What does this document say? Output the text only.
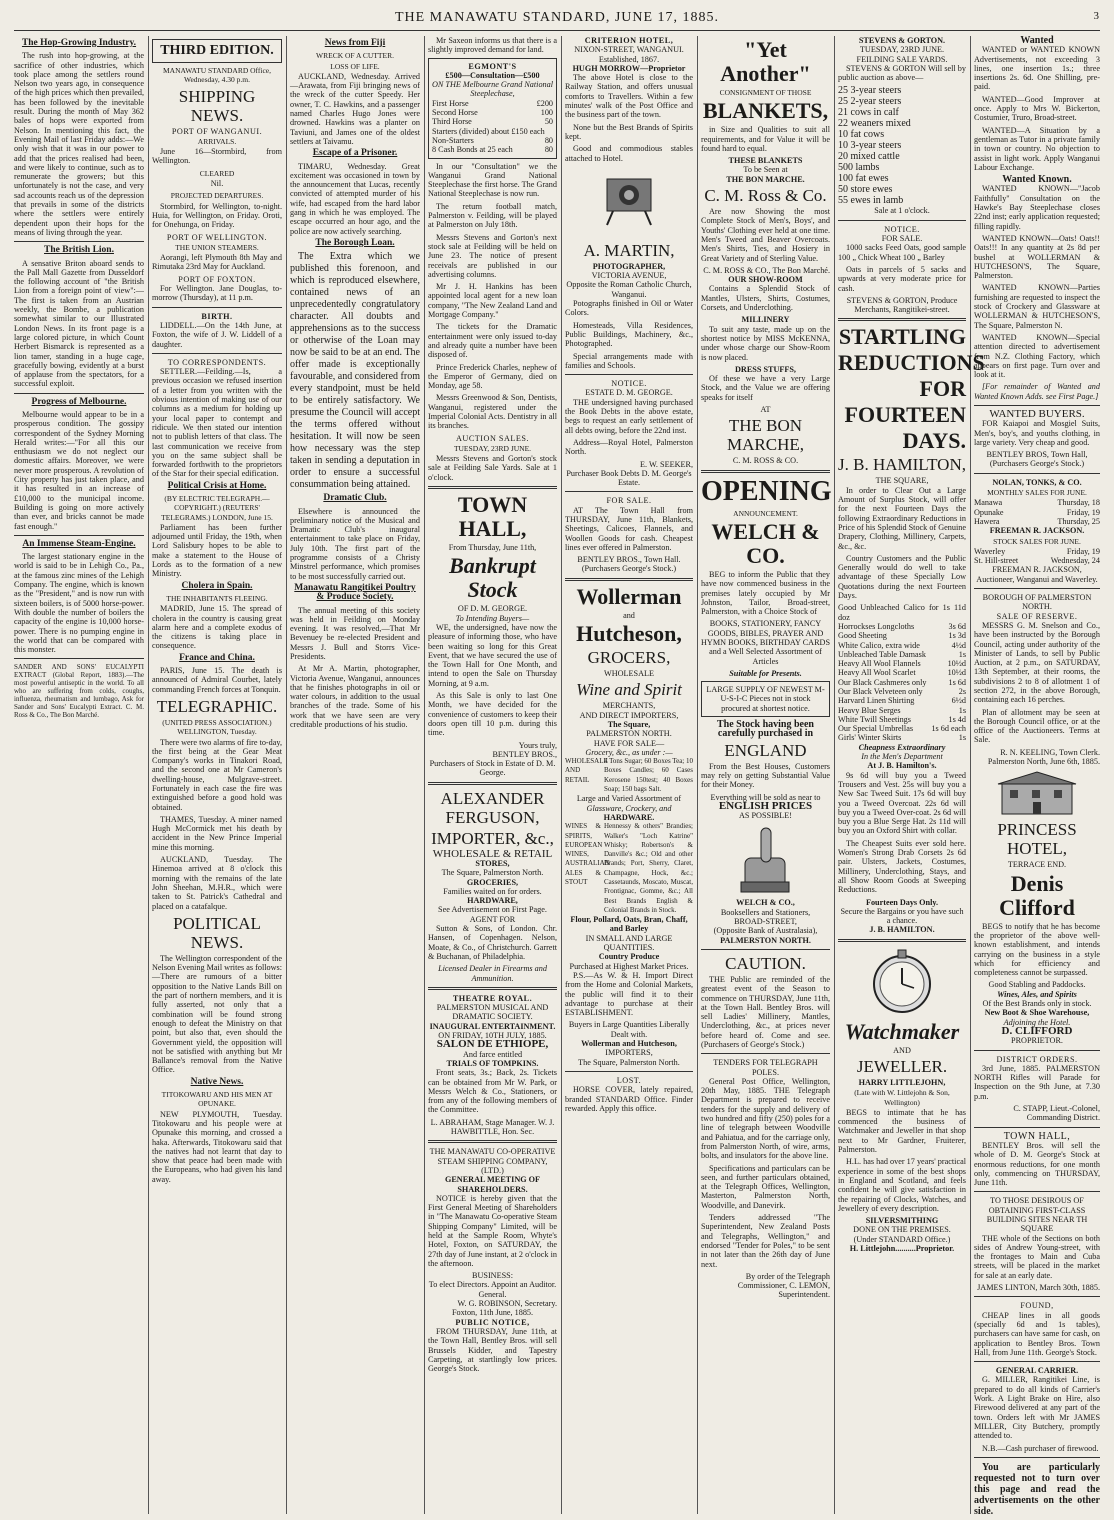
THE MANAWATU STANDARD, JUNE 17, 1885.	3
The Hop-Growing Industry.

The rush into hop-growing, at the sacrifice of other industries, which took place among the settlers round Nelson two years ago, in consequence of the high prices which then prevailed, has been followed by the inevitable result. During the month of May 362 bales of hops were exported from Nelson. In mentioning this fact, the Evening Mail of last Friday adds:—We only wish that it was in our power to add that the prices realised had been, and were likely to continue, such as to remunerate the growers; but this unfortunately is not the case, and very sad accounts reach us of the depression that prevails in some of the districts where the settlers were entirely dependent upon their hops for the means of living through the year.

The British Lion.

A sensative Briton aboard sends to the Pall Mall Gazette from Dusseldorf the following account of "the British Lion from a foreign point of view":—The first is taken from an Austrian weekly, the Bombe, a publication somewhat similar to our Illustrated London News. In its front page is a large colored picture, in which Count Herbert Bismarck is represented as a lion tamer, standing in a huge cage, gracefully bowing, evidently at a burst of applause from the spectators, for a successful exploit.

Progress of Melbourne.

Melbourne would appear to be in a prosperous condition. The gossipy correspondent of the Sydney Morning Herald writes:—"For all this our enthusiasm we do not neglect our domestic affairs. Moreover, we were never more prosperous. A revolution of City property has just taken place, and it has resulted in an increase of £10,000 to the municipal income. Building is going on more actively than ever, and bricks cannot be made fast enough."

An Immense Steam-Engine.

The largest stationary engine in the world is said to be in Lehigh Co., Pa., at the famous zinc mines of the Lehigh Company. The engine, which is known as the "President," and is now run with sixteen boilers, is of 5000 horse-power. With double the number of boilers the capacity of the engine is 10,000 horse-power. There is no pumping engine in the world that can be compared with this monster.

SANDER AND SONS' EUCALYPTI EXTRACT (Global Report, 1883).—The most powerful antiseptic in the world. To all who are suffering from colds, coughs, influenza, rheumatism and lumbago, Ask for Sander and Sons' Eucalypti Extract. C. M. Ross & Co., The Bon Marché.

THIRD EDITION.
MANAWATU STANDARD Office, Wednesday, 4.30 p.m.
SHIPPING NEWS.
PORT OF WANGANUI.
ARRIVALS.

June 16—Stormbird, from Wellington.

CLEARED

Nil.

PROJECTED DEPARTURES.

Stormbird, for Wellington, to-night. Huia, for Wellington, on Friday. Oroti, for Onehunga, on Friday.

PORT OF WELLINGTON.
THE UNION STEAMERS.

Aorangi, left Plymouth 8th May and Rimutaka 23rd May for Auckland.

PORT OF FOXTON.

For Wellington. Jane Douglas, to-morrow (Thursday), at 11 p.m.

BIRTH.

LIDDELL.—On the 14th June, at Foxton, the wife of J. W. Liddell of a daughter.

TO CORRESPONDENTS.

SETTLER.—Feilding.—Is, a previous occasion we refused insertion of a letter from you written with the obvious intention of making use of our columns as a medium for holding up your local paper to contempt and ridicule. We then stated our intention not to publish letters of that class. The last communication we receive from you on the same subject shall be forwarded forthwith to the proprietors of the Star for their special edification.

Political Crisis at Home.
(BY ELECTRIC TELEGRAPH.—COPYRIGHT.) (REUTERS' TELEGRAMS.) LONDON, June 15.

Parliament has been further adjourned until Friday, the 19th, when Lord Salisbury hopes to be able to make a statement to the House of Lords as to the formation of a new Ministry.

Cholera in Spain.
THE INHABITANTS FLEEING.

MADRID, June 15. The spread of cholera in the country is causing great alarm here and a complete exodus of the citizens is taking place in consequence.

France and China.

PARIS, June 15. The death is announced of Admiral Courbet, lately commanding French forces at Tonquin.

TELEGRAPHIC.
(UNITED PRESS ASSOCIATION.) WELLINGTON, Tuesday.

There were two alarms of fire to-day, the first being at the Gear Meat Company's works in Tinakori Road, and the second one at Mr Cameron's dwelling-house, Mulgrave-street. Fortunately in each case the fire was extinguished before a good hold was obtained.

THAMES, Tuesday. A miner named Hugh McCormick met his death by accident in the New Prince Imperial mine this morning.

AUCKLAND, Tuesday. The Hinemoa arrived at 8 o'clock this morning with the remains of the late John Sheehan, M.H.R., which were taken to St. Patrick's Cathedral and placed on a catafalque.

POLITICAL NEWS.

The Wellington correspondent of the Nelson Evening Mail writes as follows:—There are rumours of a bitter opposition to the Native Lands Bill on the part of northern members, and it is fully asserted, not only that a combination will be found strong enough to defeat the Ministry on that point, but also that, even should the Government yield, the opposition will not be satisfied with anything but Mr Ballance's removal from the Native Office.

Native News.
TITOKOWARU AND HIS MEN AT OPUNAKE.

NEW PLYMOUTH, Tuesday. Titokowaru and his people were at Opunake this morning, and crossed a haka. Afterwards, Titokowaru said that the natives had not learnt that day to show that peace had been made with the Europeans, who had given his land away.

News from Fiji
WRECK OF A CUTTER.
LOSS OF LIFE.

AUCKLAND, Wednesday. Arrived—Arawata, from Fiji bringing news of the wreck of the cutter Speedy. Her owner, T. C. Hawkins, and a passenger named Charles Hugo Jones were drowned. Hawkins was a planter on Taviuni, and James one of the oldest settlers at Taivamu.

Escape of a Prisoner.

TIMARU, Wednesday. Great excitement was occasioned in town by the announcement that Lucas, recently convicted of attempted murder of his wife, had escaped from the hard labor gang in which he was employed. The escape occurred an hour ago, and the police are now actively searching.

The Borough Loan.

The Extra which we published this forenoon, and which is reproduced elsewhere, contained news of an unprecedentedly congratulatory character. All doubts and apprehensions as to the success or otherwise of the Loan may now be said to be at an end. The offer made is exceptionally favourable, and considered from every standpoint, must be held to be entirely satisfactory. We presume the Council will accept the terms offered without hesitation. It will now be seen how necessary was the step taken in sending a deputation in order to ensure a successful consummation being attained.

Dramatic Club.

Elsewhere is announced the preliminary notice of the Musical and Dramatic Club's inaugural entertainment to take place on Friday, July 10th. The first part of the programme consists of a Christy Minstrel performance, which promises to be most successfully carried out.

Manawatu Rangitikei Poultry & Produce Society.

The annual meeting of this society was held in Feilding on Monday evening. It was resolved,—That Mr Bevenuey be re-elected President and Messrs J. Bull and Storrs Vice-Presidents.

At Mr A. Martin, photographer, Victoria Avenue, Wanganui, announces that he finishes photographs in oil or water colours, in addition to the usual branches of the trade. Some of his work that we have seen are very creditable productions of his studio.

Mr Saxeon informs us that there is a slightly improved demand for land.

EGMONT'S
£500—Consultation—£500
ON THE Melbourne Grand National Steeplechase,
First Horse	£200
Second Horse	100
Third Horse	50
Starters (divided) about £150 each
Non-Starters	80
8 Cash Bonds at 25 each	80

In our "Consultation" we the Wanganui Grand National Steeplechase the first horse. The Grand National Steeplechase is now run.

The return football match, Palmerston v. Feilding, will be played at Palmerston on July 18th.

Messrs Stevens and Gorton's next stock sale at Feilding will be held on June 23. The notice of present receivals are published in our advertising columns.

Mr J. H. Hankins has been appointed local agent for a new loan company, "The New Zealand Land and Mortgage Company."

The tickets for the Dramatic entertainment were only issued to-day and already quite a number have been disposed of.

Prince Frederick Charles, nephew of the Emperor of Germany, died on Monday, age 58.

Messrs Greenwood & Son, Dentists, Wanganui, registered under the Imperial Colonial Acts. Dentistry in all its branches.

AUCTION SALES.
TUESDAY, 23RD JUNE.

Messrs Stevens and Gorton's stock sale at Feilding Sale Yards. Sale at 1 o'clock.

TOWN HALL,
From Thursday, June 11th,
Bankrupt Stock
OF D. M. GEORGE.
To Intending Buyers—

WE, the undersigned, have now the pleasure of informing those, who have been waiting so long for this Great Event, that we have secured the use of the Town Hall for One Month, and intend to open the Sale on Thursday Morning, at 9 a.m.

As this Sale is only to last One Month, we have decided for the convenience of customers to keep their doors open till 10 p.m. during this time.

Yours truly,
BENTLEY BROS.,
Purchasers of Stock in Estate of D. M. George.
ALEXANDER FERGUSON,
IMPORTER, &c.,
WHOLESALE & RETAIL
STORES,
The Square, Palmerston North.
GROCERIES,
Families waited on for orders.
HARDWARE,
See Advertisement on First Page.
AGENT FOR

Sutton & Sons, of London. Chr. Hansen, of Copenhagen. Nelson, Moate, & Co., of Christchurch. Garrett & Buchanan, of Philadelphia.

Licensed Dealer in Firearms and Ammunition.
THEATRE ROYAL.
PALMERSTON MUSICAL AND DRAMATIC SOCIETY.
INAUGURAL ENTERTAINMENT.
ON FRIDAY, 10TH JULY, 1885.
SALON DE ETHIOPE,
And farce entitled
TRIALS OF TOMPKINS.

Front seats, 3s.; Back, 2s. Tickets can be obtained from Mr W. Park, or Messrs Welch & Co., Stationers, or from any of the following members of the Committee.

L. ABRAHAM, Stage Manager. W. J. HAWBITTLE, Hon. Sec.
THE MANAWATU CO-OPERATIVE STEAM SHIPPING COMPANY, (LTD.)
GENERAL MEETING OF SHAREHOLDERS.

NOTICE is hereby given that the First General Meeting of Shareholders in "The Manawatu Co-operative Steam Shipping Company" Limited, will be held at the Sample Room, Whyte's Hotel, Foxton, on SATURDAY, the 27th day of June instant, at 2 o'clock in the afternoon.

BUSINESS:
To elect Directors. Appoint an Auditor. General.
W. G. ROBINSON, Secretary.
Foxton, 11th June, 1885.
PUBLIC NOTICE,

FROM THURSDAY, June 11th, at the Town Hall, Bentley Bros. will sell Brussels Kidder, and Tapestry Carpeting, at startlingly low prices. George's Stock.

CRITERION HOTEL,
NIXON-STREET, WANGANUI.
Established, 1867.
HUGH MORROW—Proprietor

The above Hotel is close to the Railway Station, and offers unusual comforts to Travellers. Within a few minutes' walk of the Post Office and the business part of the town.

None but the Best Brands of Spirits kept.

Good and commodious stables attached to Hotel.

A. MARTIN,
PHOTOGRAPHER,
VICTORIA AVENUE,
Opposite the Roman Catholic Church, Wanganui.

Potographs finished in Oil or Water Colors.

Homesteads, Villa Residences, Public Buildings, Machinery, &c., Photographed.

Special arrangements made with families and Schools.

NOTICE.
ESTATE D. M. GEORGE.

THE undersigned having purchased the Book Debts in the above estate, begs to request an early settlement of all debts owing, before the 22nd inst.

Address—Royal Hotel, Palmerston North.

E. W. SEEKER,
Purchaser Book Debts D. M. George's Estate.
FOR SALE.

AT The Town Hall from THURSDAY, June 11th, Blankets, Sheetings, Calicoes, Flannels, and Woollen Goods for cash. Cheapest lines ever offered in Palmerston.

BENTLEY BROS., Town Hall. (Purchasers George's Stock.)
Wollerman
and
Hutcheson,
GROCERS,
WHOLESALE
Wine and Spirit
MERCHANTS,
AND DIRECT IMPORTERS,
The Square,
PALMERSTON NORTH.
HAVE FOR SALE—
Grocery, &c., as under :—
WHOLESALE AND RETAIL
4 Tons Sugar; 60 Boxes Tea; 10 Boxes Candles; 60 Cases Kerosene 150test; 40 Boxes Soap; 150 bags Salt.
Large and Varied Assortment of
Glassware, Crockery, and
HARDWARE.
WINES & SPIRITS, EUROPEAN WINES, AUSTRALIAN ALES & STOUT
Hennessy & others" Brandies; Walker's "Loch Katrine" Whisky; Robertson's & Danville's &c.; Old and other Brands; Port, Sherry, Claret, Champagne, Hock, &c.; Cassetaunds, Moscato, Muscat, Frontignac, Gomme, &c.; All Best Brands English & Colonial Brands in Stock.
Flour, Pollard, Oats, Bran, Chaff, and Barley
IN SMALL AND LARGE QUANTITIES.
Country Produce
Purchased at Highest Market Prices.

P.S.—As W. & H. Import Direct from the Home and Colonial Markets, the public will find it to their advantage to purchase at their ESTABLISHMENT.

Buyers in Large Quantities Liberally Dealt with.
Wollerman and Hutcheson,
IMPORTERS,
The Square, Palmerston North.
LOST.

HORSE COVER, lately repaired, branded STANDARD Office. Finder rewarded. Apply this office.

"Yet Another"
CONSIGNMENT OF THOSE
BLANKETS,

in Size and Qualities to suit all requirements, and for Value it will be found hard to equal.

THESE BLANKETS
To be Seen at
THE BON MARCHE.
C. M. Ross & Co.

Are now Showing the most Complete Stock of Men's, Boys', and Youths' Clothing ever held at one time. Men's Tweed and Beaver Overcoats. Men's Shirts, Ties, and Hosiery in Great Variety and of Sterling Value.

C. M. ROSS & CO., The Bon Marché.
OUR SHOW-ROOM

Contains a Splendid Stock of Mantles, Ulsters, Shirts, Costumes, Corsets, and Underclothing.

MILLINERY

To suit any taste, made up on the shortest notice by MISS McKENNA, under whose charge our Show-Room is now placed.

DRESS STUFFS,

Of these we have a very Large Stock, and the Value we are offering speaks for itself

AT
THE BON MARCHE,
C. M. ROSS & CO.
OPENING
ANNOUNCEMENT.
WELCH & CO.

BEG to inform the Public that they have now commenced business in the premises lately occupied by Mr Johnston, Tailor, Broad-street, Palmerston, with a Choice Stock of

BOOKS, STATIONERY, FANCY GOODS, BIBLES, PRAYER AND HYMN BOOKS, BIRTHDAY CARDS and a Well Selected Assortment of Articles

Suitable for Presents.
LARGE SUPPLY OF NEWEST M-U-S-I-C Pieces not in stock procured at shortest notice.
The Stock having been carefully purchased in
ENGLAND

From the Best Houses, Customers may rely on getting Substantial Value for their Money.

Everything will be sold as near to
ENGLISH PRICES
AS POSSIBLE!
WELCH & CO.,
Booksellers and Stationers,
BROAD-STREET,
(Opposite Bank of Australasia),
PALMERSTON NORTH.
CAUTION.

THE Public are reminded of the greatest event of the Season to commence on THURSDAY, June 11th, at the Town Hall. Bentley Bros. will sell Ladies' Millinery, Mantles, Underclothing, &c., at prices never before heard of. Come and see. (Purchasers of George's Stock.)

TENDERS FOR TELEGRAPH POLES.

General Post Office, Wellington, 20th May, 1885. THE Telegraph Department is prepared to receive tenders for the supply and delivery of two hundred and fifty (250) poles for a line of telegraph between Woodville and Pahiatua, and for the carriage only, from Palmerston North, of wire, arms, bolts, and insulators for the above line.

Specifications and particulars can be seen, and further particulars obtained, at the Telegraph Offices, Wellington, Masterton, Palmerston North, Woodville, and Danevirk.

Tenders addressed "The Superintendent, New Zealand Posts and Telegraphs, Wellington," and endorsed "Tender for Poles," to be sent in not later than the 26th day of June next.

By order of the Telegraph Commissioner, C. LEMON, Superintendent.
STEVENS & GORTON.
TUESDAY, 23RD JUNE.
FEILDING SALE YARDS.

STEVENS & GORTON Will sell by public auction as above—

25 3-year steers
25 2-year steers
21 cows in calf
22 weaners mixed
10 fat cows
10 3-year steers
20 mixed cattle
500 lambs
100 fat ewes
50 store ewes
55 ewes in lamb
Sale at 1 o'clock.
NOTICE.
FOR SALE.

1000 sacks Feed Oats, good sample 100 „ Chick Wheat 100 „ Barley

Oats in parcels of 5 sacks and upwards at very moderate price for cash.

STEVENS & GORTON, Produce Merchants, Rangitikei-street.
STARTLING
REDUCTIONS
FOR
FOURTEEN
DAYS.
J. B. HAMILTON,
THE SQUARE,

In order to Clear Out a Large Amount of Surplus Stock, will offer for the next Fourteen Days the following Extraordinary Reductions in Price of his Splendid Stock of Genuine Drapery, Clothing, Millinery, Carpets, &c., &c.

Country Customers and the Public Generally would do well to take advantage of these Specially Low Quotations during the next Fourteen Days.

Good Unbleached Calico for 1s 11d doz
Horrockses Longcloths	3s 6d
Good Sheeting	1s 3d
White Calico, extra wide	4½d
Unbleached Table Damask	1s
Heavy All Wool Flannels	10½d
Heavy All Wool Scarlet	10½d
Our Black Cashmeres only	1s 6d
Our Black Velveteen only	2s
Harvard Linen Shirting	6½d
Heavy Blue Serges	1s
White Twill Sheetings	1s 4d
Our Special Umbrellas 1s 6d each
Girls' Winter Skirts	1s
Cheapness Extraordinary
In the Men's Department
At J. B. Hamilton's.

9s 6d will buy you a Tweed Trousers and Vest. 25s will buy you a New Sac Tweed Suit. 17s 6d will buy you a Tweed Overcoat. 22s 6d will buy you a Tweed Over-coat. 2s 6d will buy you a Blue Serge Hat. 2s 11d will buy you an Oxford Shirt with collar.

The Cheapest Suits ever sold here. Women's Strong Drab Corsets 2s 6d pair. Ulsters, Jackets, Costumes, Millinery, Underclothing, Stays, and all Show Room Goods at Sweeping Reductions.

Fourteen Days Only.
Secure the Bargains or you have such a chance.
J. B. HAMILTON.
Watchmaker
AND
JEWELLER.
HARRY LITTLEJOHN,
(Late with W. Littlejohn & Son, Wellington)

BEGS to intimate that he has commenced the business of Watchmaker and Jeweller in that shop next to Mr Gardner, Fruiterer, Palmerston.

H.L. has had over 17 years' practical experience in some of the best shops in England and Scotland, and feels confident he will give satisfaction in the repairing of Clocks, Watches, and Jewellery of every description.

SILVERSMITHING
DONE ON THE PREMISES.
(Under STANDARD Office.)
H. Littlejohn..........Proprietor.
Wanted

WANTED or WANTED KNOWN Advertisements, not exceeding 3 lines, one insertion 1s.; three insertions 2s. 6d. One Shilling, pre-paid.

WANTED—Good Improver at once. Apply to Mrs W. Bickerton, Costumier, Truro, Broad-street.

WANTED—A Situation by a gentleman as Tutor in a private family in town or country. No objection to assist in light work. Apply Wanganui Labour Exchange.

Wanted Known.

WANTED KNOWN—"Jacob Faithfully" Consultation on the Hawke's Bay Steeplechase closes 22nd inst; early application requested; filling rapidly.

WANTED KNOWN—Oats! Oats!! Oats!!! In any quantity at 2s 8d per bushel at WOLLERMAN & HUTCHESON'S, The Square, Palmerston.

WANTED KNOWN—Parties furnishing are requested to inspect the stock of Crockery and Glassware at WOLLERMAN & HUTCHESON'S, The Square, Palmerston N.

WANTED KNOWN—Special attention directed to advertisement from N.Z. Clothing Factory, which appears on first page. Turn over and look at it.

[For remainder of Wanted and Wanted Known Adds. see First Page.]

WANTED BUYERS.

FOR Kaiapoi and Mosgiel Suits, Men's, boy's, and youths clothing, in large variety. Very cheap and good.

BENTLEY BROS, Town Hall, (Purchasers George's Stock.)
NOLAN, TONKS, & CO.
MONTHLY SALES FOR JUNE.
Manawa	Thursday, 18
Opunake	Friday, 19
Hawera	Thursday, 25
FREEMAN R. JACKSON.
STOCK SALES FOR JUNE.
Waverley	Friday, 19
St. Hill-street	Wednesday, 24
FREEMAN R. JACKSON, Auctioneer, Wanganui and Waverley.
BOROUGH OF PALMERSTON NORTH.
SALE OF RESERVE.

MESSRS G. M. Snelson and Co., have been instructed by the Borough Council, acting under authority of the Minister of Lands, to sell by Public Auction, at 2 p.m., on SATURDAY, 13th September, at their rooms, the subdivisions 2 to 8 of allotment 1 of section 272, in the above Borough, containing each 16 perches.

Plan of allotment may be seen at the Borough Council office, or at the office of the Auctioneers. Terms at Sale.

R. N. KEELING, Town Clerk. Palmerston North, June 6th, 1885.
PRINCESS HOTEL,
TERRACE END.
Denis Clifford

BEGS to notify that he has become the proprietor of the above well-known establishment, and intends carrying on the business in a style which for efficiency and completeness cannot be surpassed.

Good Stabling and Paddocks.
Wines, Ales, and Spirits
Of the Best Brands only in stock.
New Boot & Shoe Warehouse,
Adjoining the Hotel.
D. CLIFFORD
PROPRIETOR.
DISTRICT ORDERS.

3rd June, 1885. PALMERSTON NORTH Rifles will Parade for Inspection on the 9th June, at 7.30 p.m.

C. STAPP, Lieut.-Colonel, Commanding District.
TOWN HALL,

BENTLEY Bros. will sell the whole of D. M. George's Stock at enormous reductions, for one month only, commencing on THURSDAY, June 11th.

TO THOSE DESIROUS OF OBTAINING FIRST-CLASS BUILDING SITES NEAR TH SQUARE

THE whole of the Sections on both sides of Andrew Young-street, with the frontages to Main and Cuba streets, will be placed in the market for sale at an early date.

JAMES LINTON, March 30th, 1885.
FOUND,

CHEAP lines in all goods (specially 6d and 1s tables), purchasers can have same for cash, on application to Bentley Bros. Town Hall, from June 11th. George's Stock.

GENERAL CARRIER.

G. MILLER, Rangitikei Line, is prepared to do all kinds of Carrier's Work. A Light Brake on Hire, also Firewood delivered at any part of the town. Orders left with Mr JAMES MILLER, City Butchery, promptly attended to.

N.B.—Cash purchaser of firewood.

You are particularly requested not to turn over this page and read the advertisements on the other side.
